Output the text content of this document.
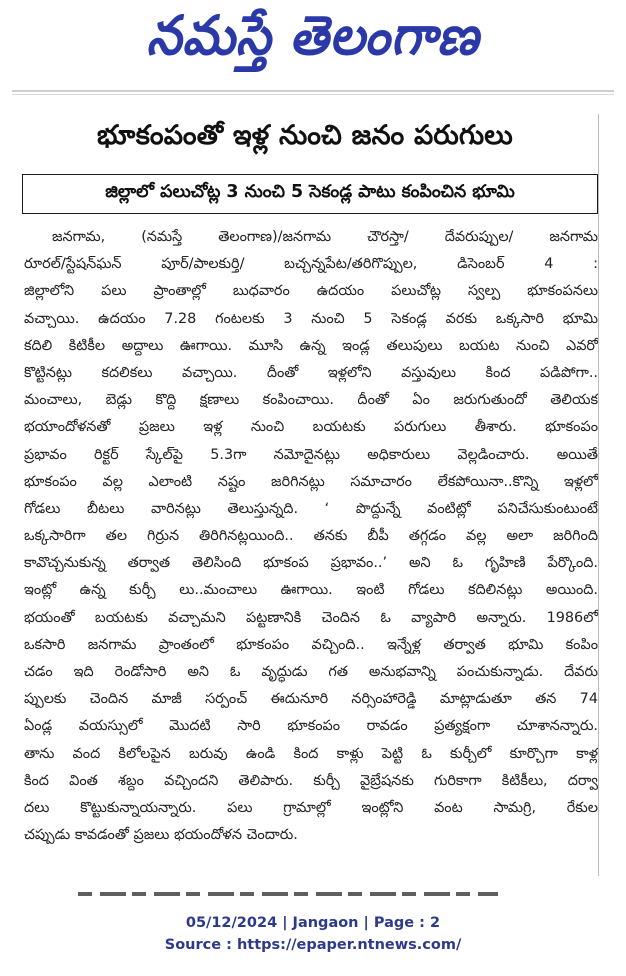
నమస్తే తెలంగాణ
భూకంపంతో ఇళ్ల నుంచి జనం పరుగులు
జిల్లాలో పలుచోట్ల 3 నుంచి 5 సెకండ్ల పాటు కంపించిన భూమి
జనగామ, (నమస్తే తెలంగాణ)/జనగామ చౌరస్తా/ దేవరుప్పుల/ జనగామ
రూరల్/స్టేషన్‌ఘన్ పూర్/పాలకుర్తి/ బచ్చన్నపేట/తరిగొప్పుల, డిసెంబర్ 4 :
జిల్లాలోని పలు ప్రాంతాల్లో బుధవారం ఉదయం పలుచోట్ల స్వల్ప భూకంపనలు
వచ్చాయి. ఉదయం 7.28 గంటలకు 3 నుంచి 5 సెకండ్ల వరకు ఒక్కసారి భూమి
కదిలి కిటికీల అద్దాలు ఊగాయి. మూసి ఉన్న ఇండ్ల తలుపులు బయట నుంచి ఎవరో
కొట్టినట్లు కదలికలు వచ్చాయి. దీంతో ఇళ్లలోని వస్తువులు కింద పడిపోగా..
మంచాలు, బెడ్లు కొద్ది క్షణాలు కంపించాయి. దీంతో ఏం జరుగుతుందో తెలియక
భయాందోళనతో ప్రజలు ఇళ్ల నుంచి బయటకు పరుగులు తీశారు. భూకంపం
ప్రభావం రిక్టర్ స్కేల్‌పై 5.3గా నమోదైనట్లు అధికారులు వెల్లడించారు. అయితే
భూకంపం వల్ల ఎలాంటి నష్టం జరిగినట్లు సమాచారం లేకపోయినా..కొన్ని ఇళ్లలో
గోడలు బీటలు వారినట్లు తెలుస్తున్నది. ‘ పొద్దున్నే వంటిట్లో పనిచేసుకుంటుంటే
ఒక్కసారిగా తల గిర్రున తిరిగినట్లయింది.. తనకు బీపీ తగ్గడం వల్ల అలా జరిగింది
కావొచ్చనుకున్న తర్వాత తెలిసింది భూకంప ప్రభావం..’ అని ఓ గృహిణి పేర్కొంది.
ఇంట్లో ఉన్న కుర్చీ లు..మంచాలు ఊగాయి. ఇంటి గోడలు కదిలినట్లు అయింది.
భయంతో బయటకు వచ్చామని పట్టణానికి చెందిన ఓ వ్యాపారి అన్నారు. 1986లో
ఒకసారి జనగామ ప్రాంతంలో భూకంపం వచ్చింది.. ఇన్నేళ్ల తర్వాత భూమి కంపిం
చడం ఇది రెండోసారి అని ఓ వృద్ధుడు గత అనుభవాన్ని పంచుకున్నాడు. దేవరు
ప్పులకు చెందిన మాజీ సర్పంచ్ ఈదునూరి నర్సింహారెడ్డి మాట్లాడుతూ తన 74
ఏండ్ల వయస్సులో మొదటి సారి భూకంపం రావడం ప్రత్యక్షంగా చూశానన్నారు.
తాను వంద కిలోలపైన బరువు ఉండి కింద కాళ్లు పెట్టి ఓ కుర్చీలో కూర్చొగా కాళ్ల
కింద వింత శబ్దం వచ్చిందని తెలిపారు. కుర్చీ వైబ్రేషనకు గురికాగా కిటికీలు, దర్వా
దలు కొట్టుకున్నాయన్నారు. పలు గ్రామాల్లో ఇంట్లోని వంట సామగ్రి, రేకుల
చప్పుడు కావడంతో ప్రజలు భయందోళన చెందారు.
05/12/2024 | Jangaon | Page : 2
Source : https://epaper.ntnews.com/
